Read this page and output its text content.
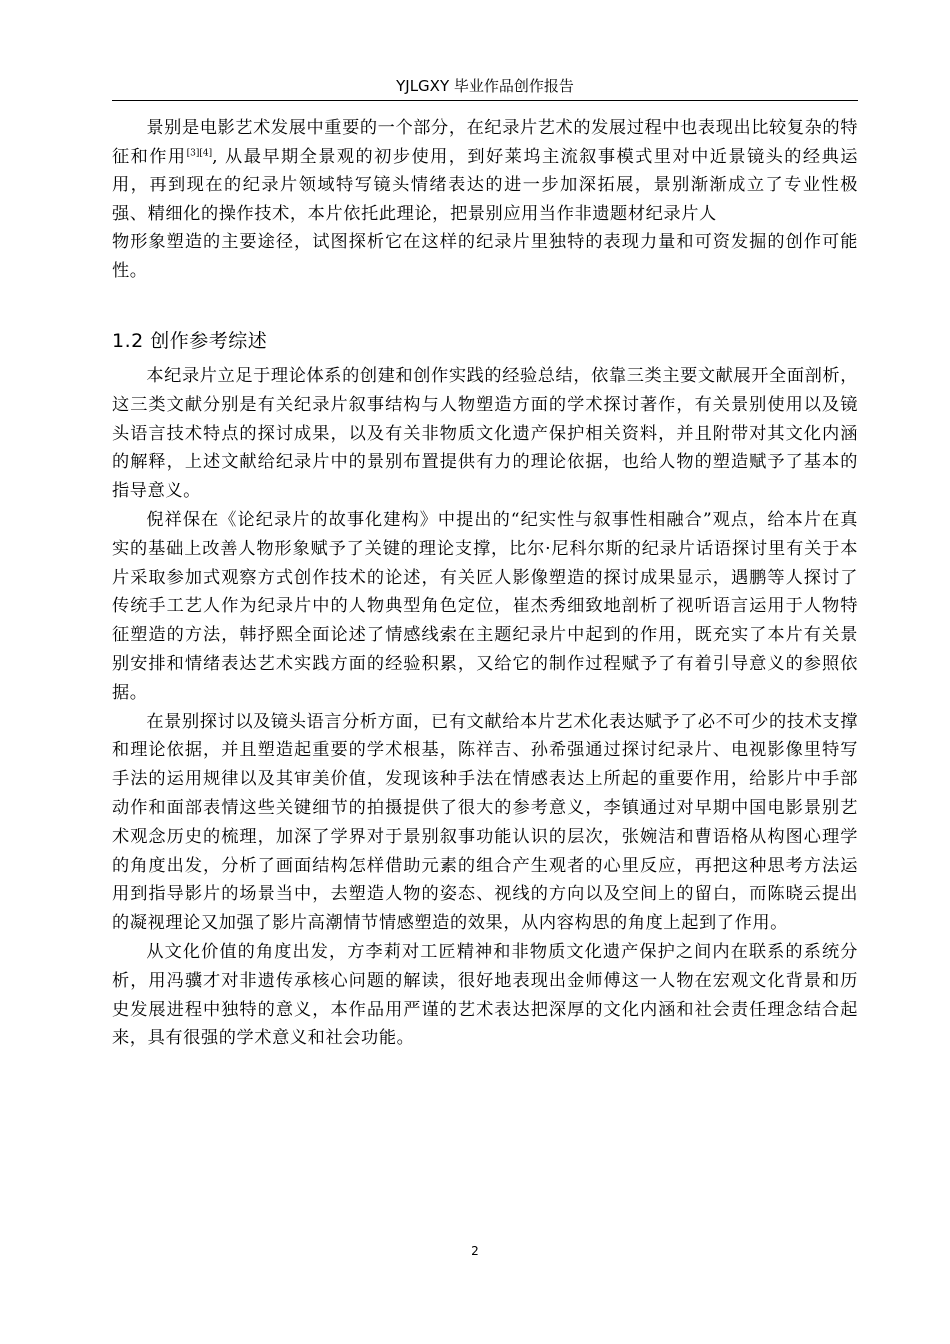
YJLGXY 毕业作品创作报告

景别是电影艺术发展中重要的一个部分，在纪录片艺术的发展过程中也表现出比较复杂的特征和作用[3][4], 从最早期全景观的初步使用，到好莱坞主流叙事模式里对中近景镜头的经典运用，再到现在的纪录片领域特写镜头情绪表达的进一步加深拓展，景别渐渐成立了专业性极强、精细化的操作技术，本片依托此理论，把景别应用当作非遗题材纪录片人

物形象塑造的主要途径，试图探析它在这样的纪录片里独特的表现力量和可资发掘的创作可能性。

1.2 创作参考综述

本纪录片立足于理论体系的创建和创作实践的经验总结，依靠三类主要文献展开全面剖析，这三类文献分别是有关纪录片叙事结构与人物塑造方面的学术探讨著作，有关景别使用以及镜头语言技术特点的探讨成果，以及有关非物质文化遗产保护相关资料，并且附带对其文化内涵的解释，上述文献给纪录片中的景别布置提供有力的理论依据，也给人物的塑造赋予了基本的指导意义。

倪祥保在《论纪录片的故事化建构》中提出的“纪实性与叙事性相融合”观点，给本片在真实的基础上改善人物形象赋予了关键的理论支撑，比尔·尼科尔斯的纪录片话语探讨里有关于本片采取参加式观察方式创作技术的论述，有关匠人影像塑造的探讨成果显示，遇鹏等人探讨了传统手工艺人作为纪录片中的人物典型角色定位，崔杰秀细致地剖析了视听语言运用于人物特征塑造的方法，韩抒熙全面论述了情感线索在主题纪录片中起到的作用，既充实了本片有关景别安排和情绪表达艺术实践方面的经验积累，又给它的制作过程赋予了有着引导意义的参照依据。

在景别探讨以及镜头语言分析方面，已有文献给本片艺术化表达赋予了必不可少的技术支撑和理论依据，并且塑造起重要的学术根基，陈祥吉、孙希强通过探讨纪录片、电视影像里特写手法的运用规律以及其审美价值，发现该种手法在情感表达上所起的重要作用，给影片中手部动作和面部表情这些关键细节的拍摄提供了很大的参考意义，李镇通过对早期中国电影景别艺术观念历史的梳理，加深了学界对于景别叙事功能认识的层次，张婉洁和曹语格从构图心理学的角度出发，分析了画面结构怎样借助元素的组合产生观者的心里反应，再把这种思考方法运用到指导影片的场景当中，去塑造人物的姿态、视线的方向以及空间上的留白，而陈晓云提出的凝视理论又加强了影片高潮情节情感塑造的效果，从内容构思的角度上起到了作用。

从文化价值的角度出发，方李莉对工匠精神和非物质文化遗产保护之间内在联系的系统分析，用冯骥才对非遗传承核心问题的解读，很好地表现出金师傅这一人物在宏观文化背景和历史发展进程中独特的意义，本作品用严谨的艺术表达把深厚的文化内涵和社会责任理念结合起来，具有很强的学术意义和社会功能。

2
